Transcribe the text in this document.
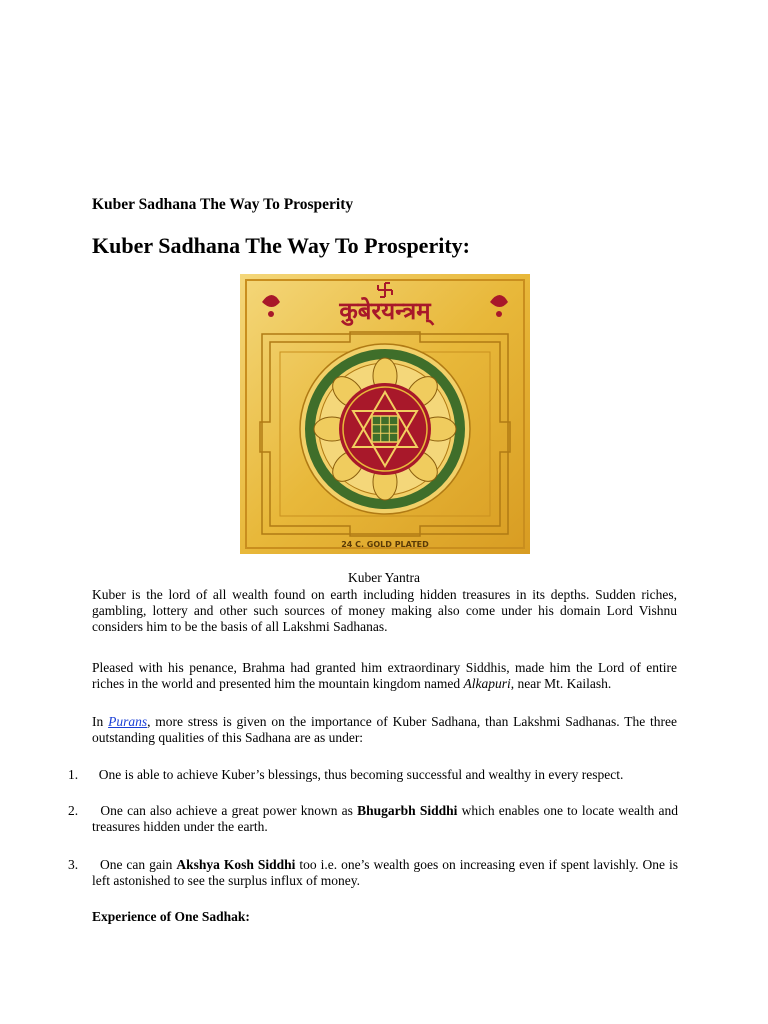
Kuber Sadhana The Way To Prosperity
Kuber Sadhana The Way To Prosperity:
कुबेरयन्त्रम्
24 C. GOLD PLATED
Kuber Yantra
Kuber is the lord of all wealth found on earth including hidden treasures in its depths. Sudden riches, gambling, lottery and other such sources of money making also come under his domain Lord Vishnu considers him to be the basis of all Lakshmi Sadhanas.
Pleased with his penance, Brahma had granted him extraordinary Siddhis, made him the Lord of entire riches in the world and presented him the mountain kingdom named Alkapuri, near Mt. Kailash.
In Purans, more stress is given on the importance of Kuber Sadhana, than Lakshmi Sadhanas. The three outstanding qualities of this Sadhana are as under:
1.	One is able to achieve Kuber’s blessings, thus becoming successful and wealthy in every respect.
2.	One can also achieve a great power known as Bhugarbh Siddhi which enables one to locate wealth and treasures hidden under the earth.
3.	One can gain Akshya Kosh Siddhi too i.e. one’s wealth goes on increasing even if spent lavishly. One is left astonished to see the surplus influx of money.
Experience of One Sadhak:
